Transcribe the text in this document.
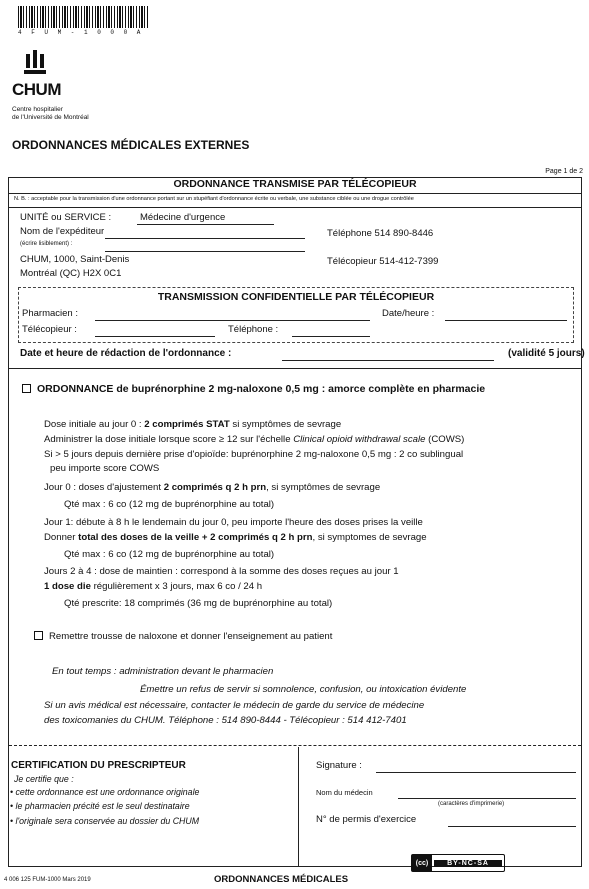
4 F U M - 1 0 0 0 A
CHUM
Centre hospitalier
de l'Université de Montréal
ORDONNANCES MÉDICALES EXTERNES
Page 1 de 2
ORDONNANCE TRANSMISE PAR TÉLÉCOPIEUR
N. B. : acceptable pour la transmission d'une ordonnance portant sur un stupéfiant d'ordonnance écrite ou verbale, une substance ciblée ou une drogue contrôlée
UNITÉ ou SERVICE :	Médecine d'urgence
Nom de l'expéditeur
(écrire lisiblement) :
CHUM, 1000, Saint-Denis
Montréal (QC) H2X 0C1
Téléphone 514 890-8446
Télécopieur 514-412-7399
TRANSMISSION CONFIDENTIELLE PAR TÉLÉCOPIEUR
Pharmacien :	Date/heure :
Télécopieur :	Téléphone :
Date et heure de rédaction de l'ordonnance :	(validité 5 jours)
ORDONNANCE de buprénorphine 2 mg-naloxone 0,5 mg : amorce complète en pharmacie
Dose initiale au jour 0 : 2 comprimés STAT si symptômes de sevrage
Administrer la dose initiale lorsque score ≥ 12 sur l'échelle Clinical opioid withdrawal scale (COWS)
Si > 5 jours depuis dernière prise d'opioïde: buprénorphine 2 mg-naloxone 0,5 mg : 2 co sublingual
peu importe score COWS
Jour 0 : doses d'ajustement 2 comprimés q 2 h prn, si symptômes de sevrage
Qté max : 6 co (12 mg de buprénorphine au total)
Jour 1: débute à 8 h le lendemain du jour 0, peu importe l'heure des doses prises la veille
Donner total des doses de la veille + 2 comprimés q 2 h prn, si symptomes de sevrage
Qté max : 6 co (12 mg de buprénorphine au total)
Jours 2 à 4 : dose de maintien : correspond à la somme des doses reçues au jour 1
1 dose die régulièrement x 3 jours, max 6 co / 24 h
Qté prescrite: 18 comprimés (36 mg de buprénorphine au total)
Remettre trousse de naloxone et donner l'enseignement au patient
En tout temps : administration devant le pharmacien
Émettre un refus de servir si somnolence, confusion, ou intoxication évidente
Si un avis médical est nécessaire, contacter le médecin de garde du service de médecine
des toxicomanies du CHUM. Téléphone : 514 890-8444 - Télécopieur : 514 412-7401
CERTIFICATION DU PRESCRIPTEUR
Je certifie que :
• cette ordonnance est une ordonnance originale
• le pharmacien précité est le seul destinataire
• l'originale sera conservée au dossier du CHUM
Signature :
Nom du médecin
(caractères d'imprimerie)
N° de permis d'exercice
(cc)	BY-NC-SA
4 006 125 FUM-1000 Mars 2019	ORDONNANCES MÉDICALES
